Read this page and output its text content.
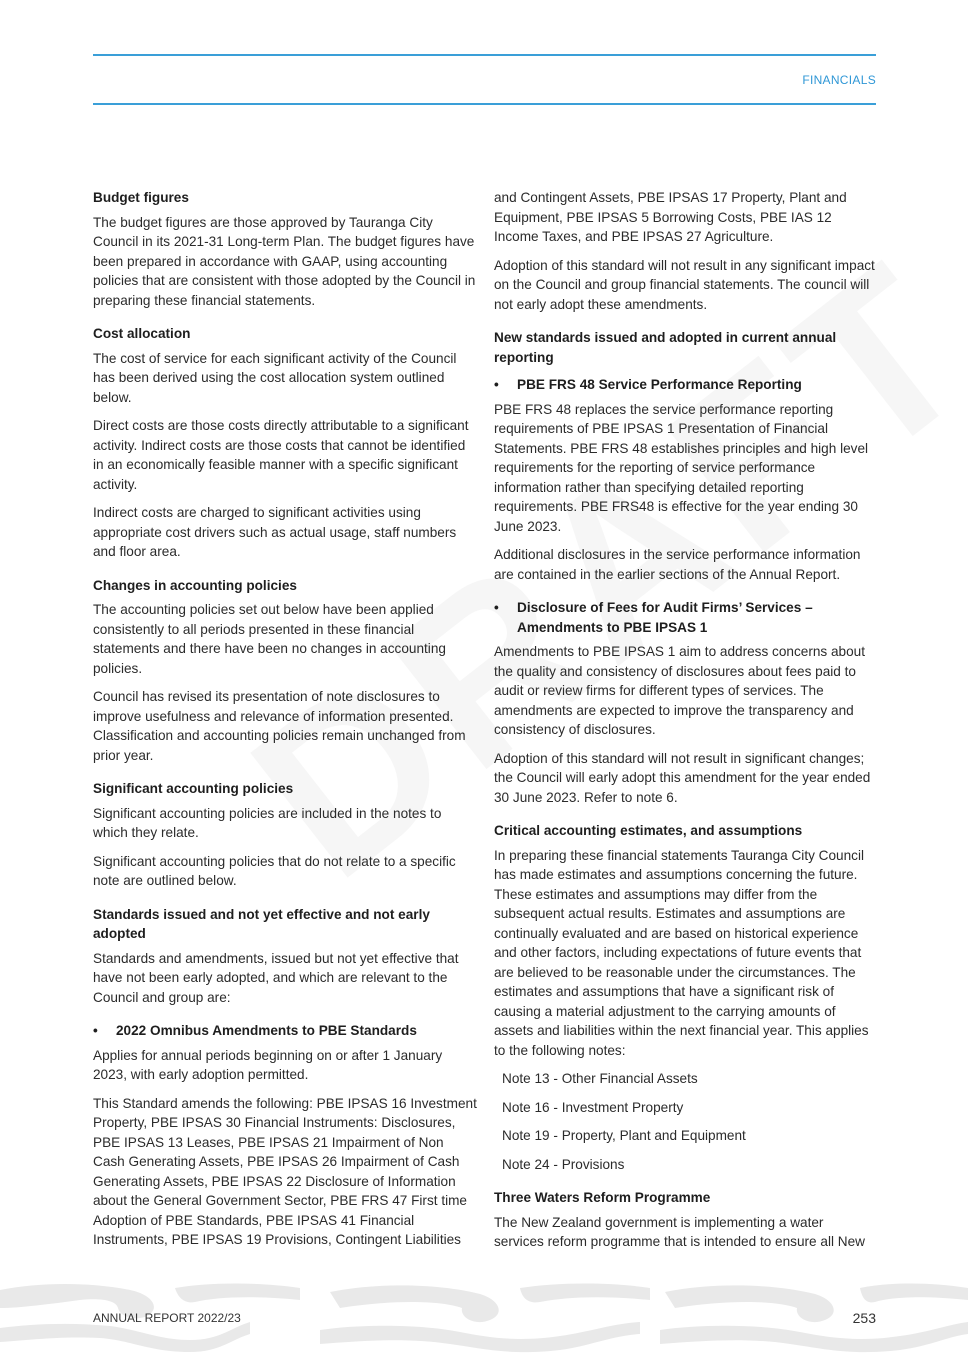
FINANCIALS
Budget figures

The budget figures are those approved by Tauranga City Council in its 2021-31 Long-term Plan. The budget figures have been prepared in accordance with GAAP, using accounting policies that are consistent with those adopted by the Council in preparing these financial statements.

Cost allocation

The cost of service for each significant activity of the Council has been derived using the cost allocation system outlined below.

Direct costs are those costs directly attributable to a significant activity. Indirect costs are those costs that cannot be identified in an economically feasible manner with a specific significant activity.

Indirect costs are charged to significant activities using appropriate cost drivers such as actual usage, staff numbers and floor area.

Changes in accounting policies

The accounting policies set out below have been applied consistently to all periods presented in these financial statements and there have been no changes in accounting policies.

Council has revised its presentation of note disclosures to improve usefulness and relevance of information presented. Classification and accounting policies remain unchanged from prior year.

Significant accounting policies

Significant accounting policies are included in the notes to which they relate.

Significant accounting policies that do not relate to a specific note are outlined below.

Standards issued and not yet effective and not early adopted

Standards and amendments, issued but not yet effective that have not been early adopted, and which are relevant to the Council and group are:

• 2022 Omnibus Amendments to PBE Standards

Applies for annual periods beginning on or after 1 January 2023, with early adoption permitted.

This Standard amends the following: PBE IPSAS 16 Investment Property, PBE IPSAS 30 Financial Instruments: Disclosures, PBE IPSAS 13 Leases, PBE IPSAS 21 Impairment of Non Cash Generating Assets, PBE IPSAS 26 Impairment of Cash Generating Assets, PBE IPSAS 22 Disclosure of Information about the General Government Sector, PBE FRS 47 First time Adoption of PBE Standards, PBE IPSAS 41 Financial Instruments, PBE IPSAS 19 Provisions, Contingent Liabilities

and Contingent Assets, PBE IPSAS 17 Property, Plant and Equipment, PBE IPSAS 5 Borrowing Costs, PBE IAS 12 Income Taxes, and PBE IPSAS 27 Agriculture.

Adoption of this standard will not result in any significant impact on the Council and group financial statements. The council will not early adopt these amendments.

New standards issued and adopted in current annual reporting
• PBE FRS 48 Service Performance Reporting

PBE FRS 48 replaces the service performance reporting requirements of PBE IPSAS 1 Presentation of Financial Statements. PBE FRS 48 establishes principles and high level requirements for the reporting of service performance information rather than specifying detailed reporting requirements. PBE FRS48 is effective for the year ending 30 June 2023.

Additional disclosures in the service performance information are contained in the earlier sections of the Annual Report.

• Disclosure of Fees for Audit Firms’ Services – Amendments to PBE IPSAS 1

Amendments to PBE IPSAS 1 aim to address concerns about the quality and consistency of disclosures about fees paid to audit or review firms for different types of services. The amendments are expected to improve the transparency and consistency of disclosures.

Adoption of this standard will not result in significant changes; the Council will early adopt this amendment for the year ended 30 June 2023. Refer to note 6.

Critical accounting estimates, and assumptions

In preparing these financial statements Tauranga City Council has made estimates and assumptions concerning the future. These estimates and assumptions may differ from the subsequent actual results. Estimates and assumptions are continually evaluated and are based on historical experience and other factors, including expectations of future events that are believed to be reasonable under the circumstances. The estimates and assumptions that have a significant risk of causing a material adjustment to the carrying amounts of assets and liabilities within the next financial year. This applies to the following notes:

Note 13 - Other Financial Assets

Note 16 - Investment Property

Note 19 - Property, Plant and Equipment

Note 24 - Provisions

Three Waters Reform Programme

The New Zealand government is implementing a water services reform programme that is intended to ensure all New

ANNUAL REPORT 2022/23	253
